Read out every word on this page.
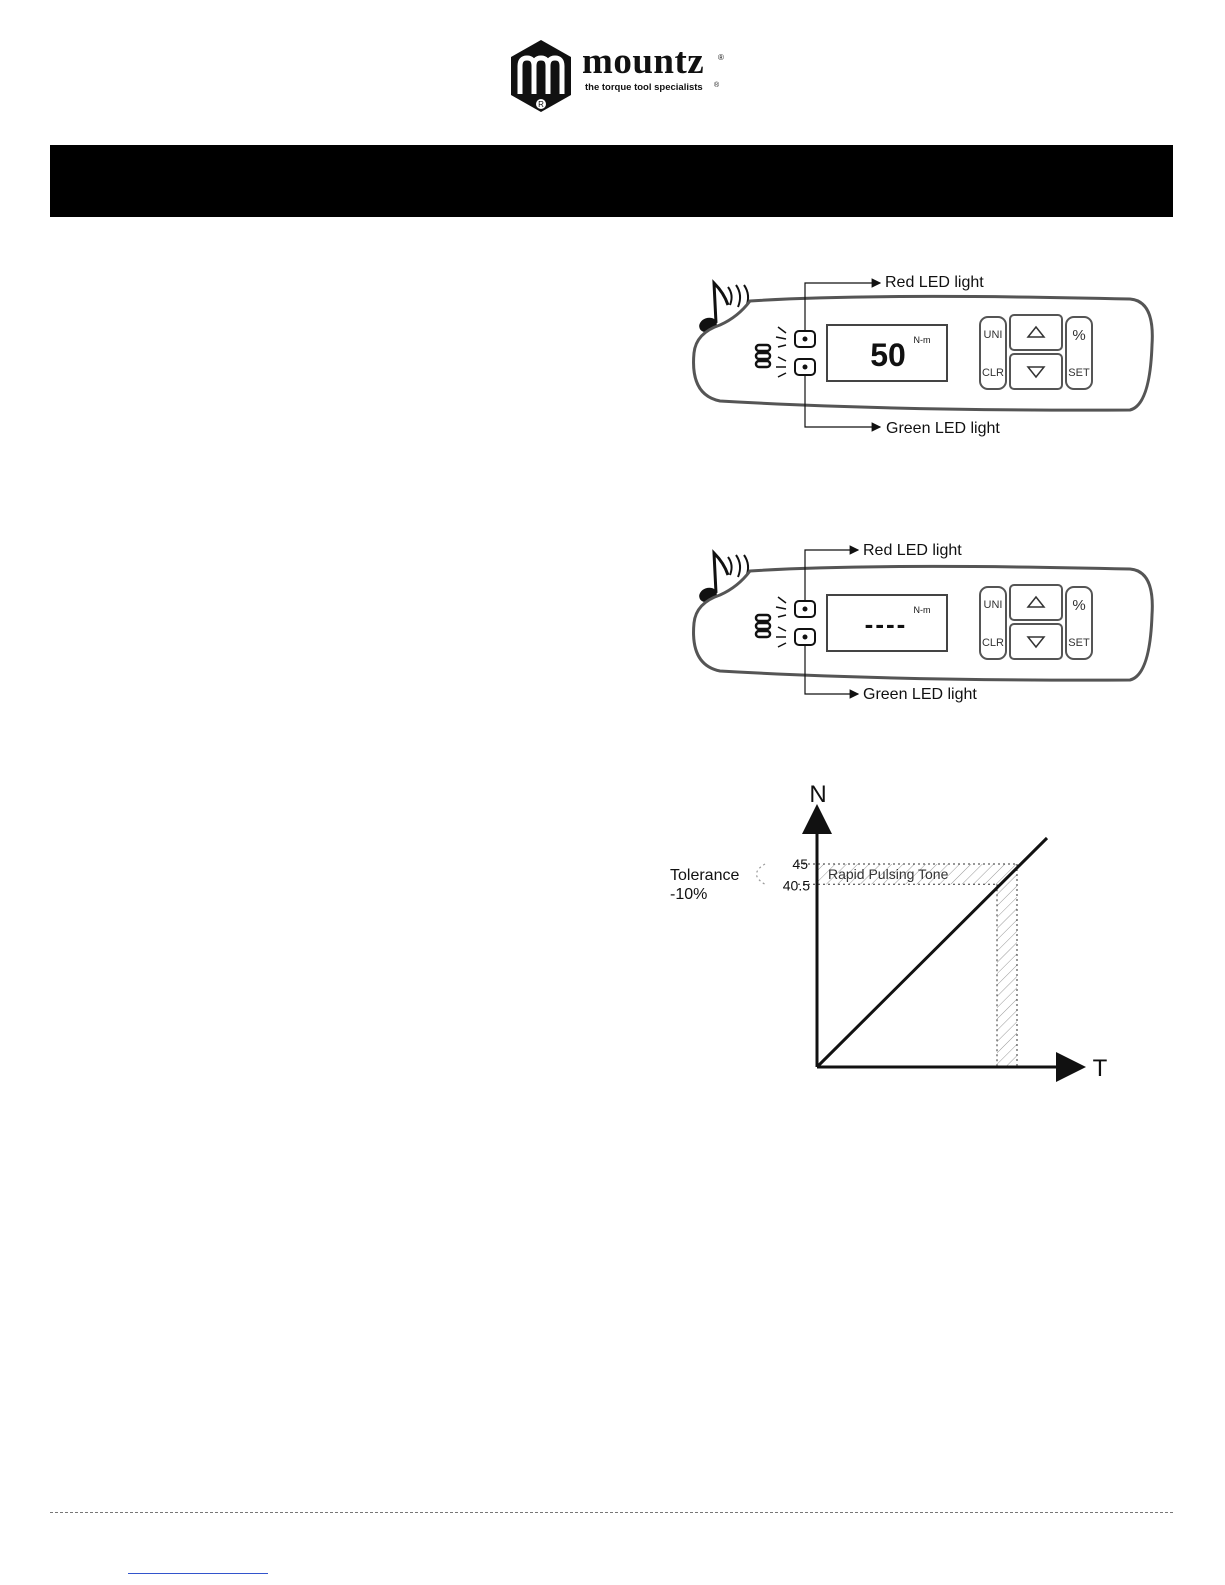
R
mountz ®
the torque tool specialists ®
50 N-m	UNI
CLR
%
SET
Red LED light
Green LED light
---- N-m	UNI
CLR
%
SET
Red LED light
Green LED light
N
T
45
40.5
Rapid Pulsing Tone
Tolerance
-10%
